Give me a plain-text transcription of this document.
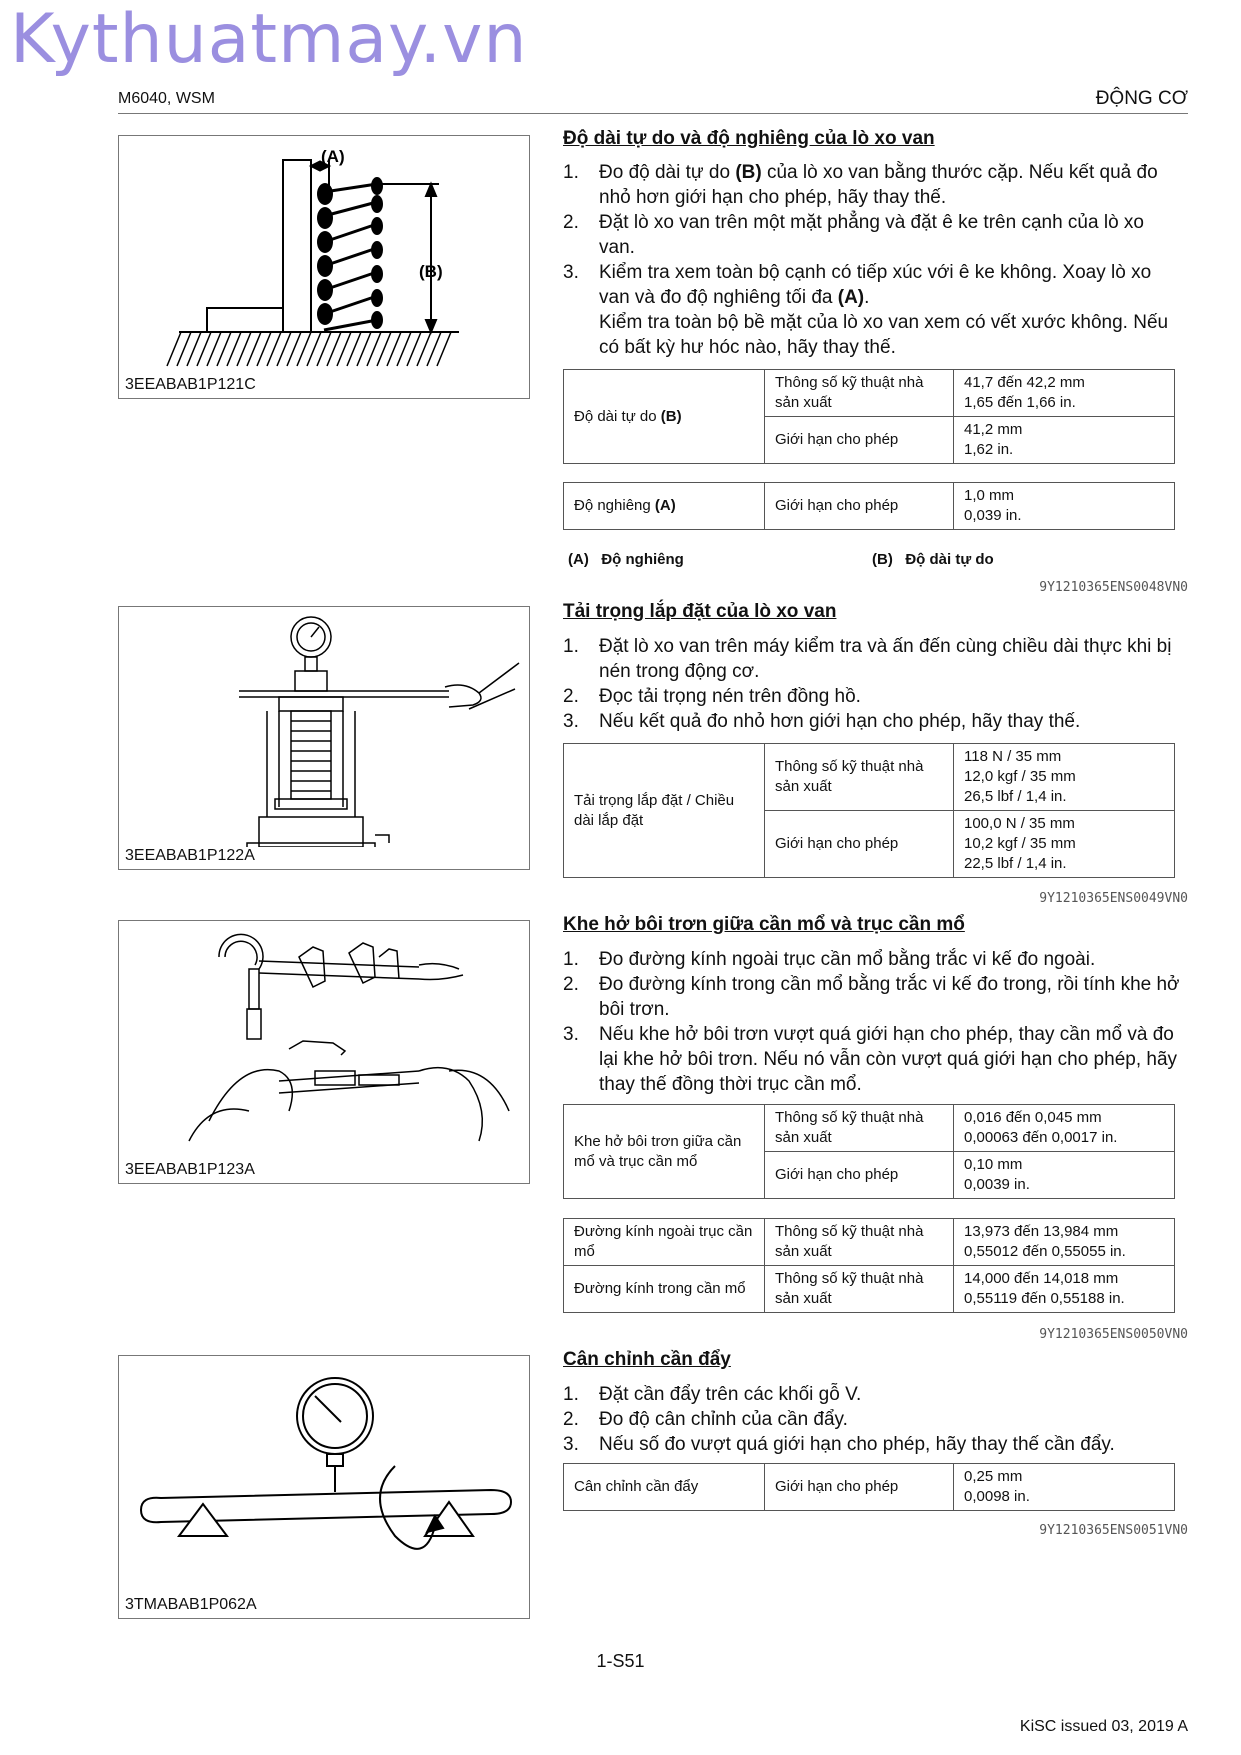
Kythuatmay.vn
M6040, WSM	ĐỘNG CƠ
(A)
(B)
3EEABAB1P121C
3EEABAB1P122A
3EEABAB1P123A
3TMABAB1P062A
Độ dài tự do và độ nghiêng của lò xo van
1. Đo độ dài tự do (B) của lò xo van bằng thước cặp. Nếu kết quả đo nhỏ hơn giới hạn cho phép, hãy thay thế.
2. Đặt lò xo van trên một mặt phẳng và đặt ê ke trên cạnh của lò xo van.
3. Kiểm tra xem toàn bộ cạnh có tiếp xúc với ê ke không. Xoay lò xo van và đo độ nghiêng tối đa (A).
Kiểm tra toàn bộ bề mặt của lò xo van xem có vết xước không. Nếu có bất kỳ hư hóc nào, hãy thay thế.
Độ dài tự do (B)	Thông số kỹ thuật nhà sản xuất	41,7 đến 42,2 mm
1,65 đến 1,66 in.
	Giới hạn cho phép	41,2 mm
1,62 in.
Độ nghiêng (A)	Giới hạn cho phép	1,0 mm
0,039 in.
(A) Độ nghiêng	(B) Độ dài tự do
9Y1210365ENS0048VN0
Tải trọng lắp đặt của lò xo van
1. Đặt lò xo van trên máy kiểm tra và ấn đến cùng chiều dài thực khi bị nén trong động cơ.
2. Đọc tải trọng nén trên đồng hồ.
3. Nếu kết quả đo nhỏ hơn giới hạn cho phép, hãy thay thế.
Tải trọng lắp đặt / Chiều dài lắp đặt	Thông số kỹ thuật nhà sản xuất	118 N / 35 mm
12,0 kgf / 35 mm
26,5 lbf / 1,4 in.
	Giới hạn cho phép	100,0 N / 35 mm
10,2 kgf / 35 mm
22,5 lbf / 1,4 in.
9Y1210365ENS0049VN0
Khe hở bôi trơn giữa cần mổ và trục cần mổ
1. Đo đường kính ngoài trục cần mổ bằng trắc vi kế đo ngoài.
2. Đo đường kính trong cần mổ bằng trắc vi kế đo trong, rồi tính khe hở bôi trơn.
3. Nếu khe hở bôi trơn vượt quá giới hạn cho phép, thay cần mổ và đo lại khe hở bôi trơn. Nếu nó vẫn còn vượt quá giới hạn cho phép, hãy thay thế đồng thời trục cần mổ.
Khe hở bôi trơn giữa cần mổ và trục cần mổ	Thông số kỹ thuật nhà sản xuất	0,016 đến 0,045 mm
0,00063 đến 0,0017 in.
	Giới hạn cho phép	0,10 mm
0,0039 in.
Đường kính ngoài trục cần mổ	Thông số kỹ thuật nhà sản xuất	13,973 đến 13,984 mm
0,55012 đến 0,55055 in.
Đường kính trong cần mổ	Thông số kỹ thuật nhà sản xuất	14,000 đến 14,018 mm
0,55119 đến 0,55188 in.
9Y1210365ENS0050VN0
Cân chỉnh cần đẩy
1. Đặt cần đẩy trên các khối gỗ V.
2. Đo độ cân chỉnh của cần đẩy.
3. Nếu số đo vượt quá giới hạn cho phép, hãy thay thế cần đẩy.
Cân chỉnh cần đẩy	Giới hạn cho phép	0,25 mm
0,0098 in.
9Y1210365ENS0051VN0
1-S51
KiSC issued 03, 2019 A
